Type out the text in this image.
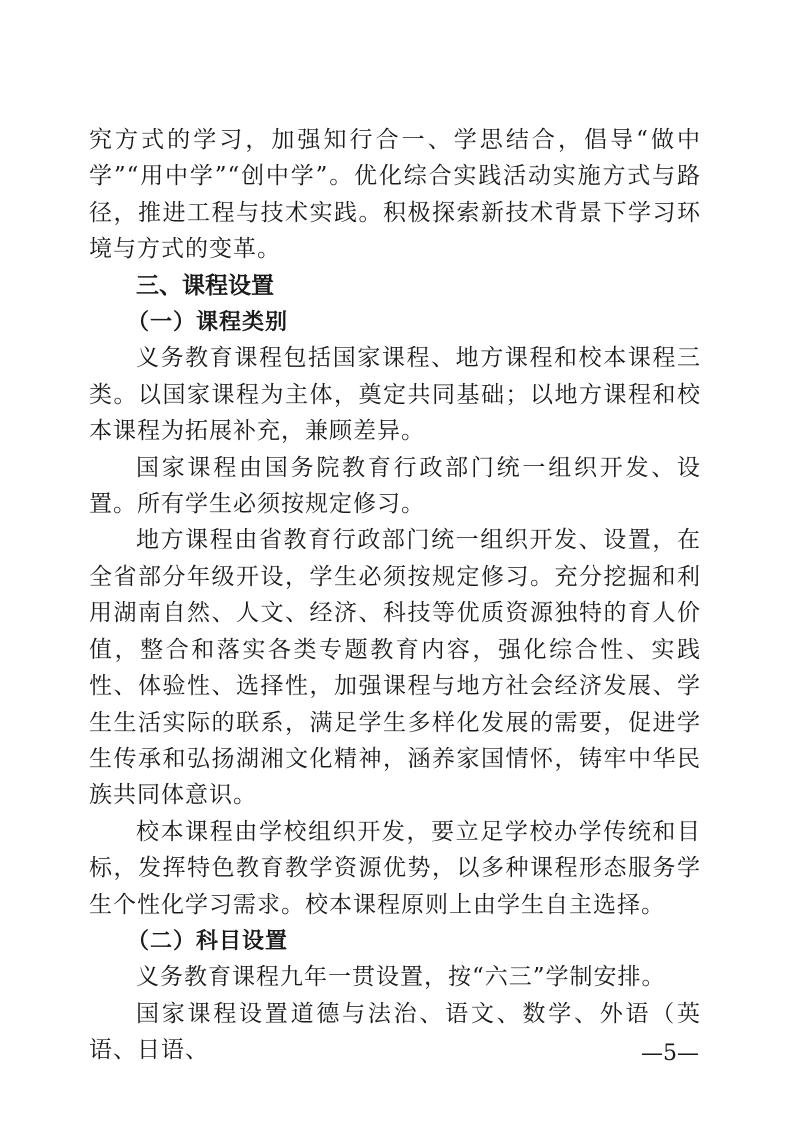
究方式的学习，加强知行合一、学思结合，倡导“做中学”“用中学”“创中学”。优化综合实践活动实施方式与路径，推进工程与技术实践。积极探索新技术背景下学习环境与方式的变革。

三、课程设置
（一）课程类别

义务教育课程包括国家课程、地方课程和校本课程三类。以国家课程为主体，奠定共同基础；以地方课程和校本课程为拓展补充，兼顾差异。

国家课程由国务院教育行政部门统一组织开发、设置。所有学生必须按规定修习。

地方课程由省教育行政部门统一组织开发、设置，在全省部分年级开设，学生必须按规定修习。充分挖掘和利用湖南自然、人文、经济、科技等优质资源独特的育人价值，整合和落实各类专题教育内容，强化综合性、实践性、体验性、选择性，加强课程与地方社会经济发展、学生生活实际的联系，满足学生多样化发展的需要，促进学生传承和弘扬湖湘文化精神，涵养家国情怀，铸牢中华民族共同体意识。

校本课程由学校组织开发，要立足学校办学传统和目标，发挥特色教育教学资源优势，以多种课程形态服务学生个性化学习需求。校本课程原则上由学生自主选择。

（二）科目设置

义务教育课程九年一贯设置，按“六三”学制安排。

国家课程设置道德与法治、语文、数学、外语（英语、日语、	—5—
